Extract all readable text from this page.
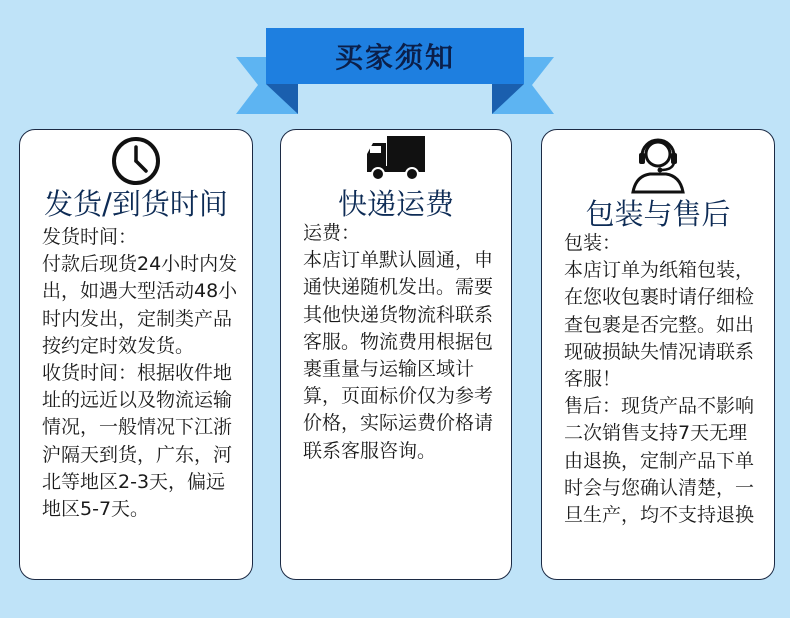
买家须知
发货/到货时间

发货时间：

付款后现货24小时内发出，如遇大型活动48小时内发出，定制类产品按约定时效发货。

收货时间：根据收件地址的远近以及物流运输情况，一般情况下江浙沪隔天到货，广东，河北等地区2-3天，偏远地区5-7天。

快递运费

运费：

本店订单默认圆通，申通快递随机发出。需要其他快递货物流科联系客服。物流费用根据包裹重量与运输区域计算，页面标价仅为参考价格，实际运费价格请联系客服咨询。

包装与售后

包装：

本店订单为纸箱包装，在您收包裹时请仔细检查包裹是否完整。如出现破损缺失情况请联系客服！

售后：现货产品不影响二次销售支持7天无理由退换，定制产品下单时会与您确认清楚，一旦生产，均不支持退换
